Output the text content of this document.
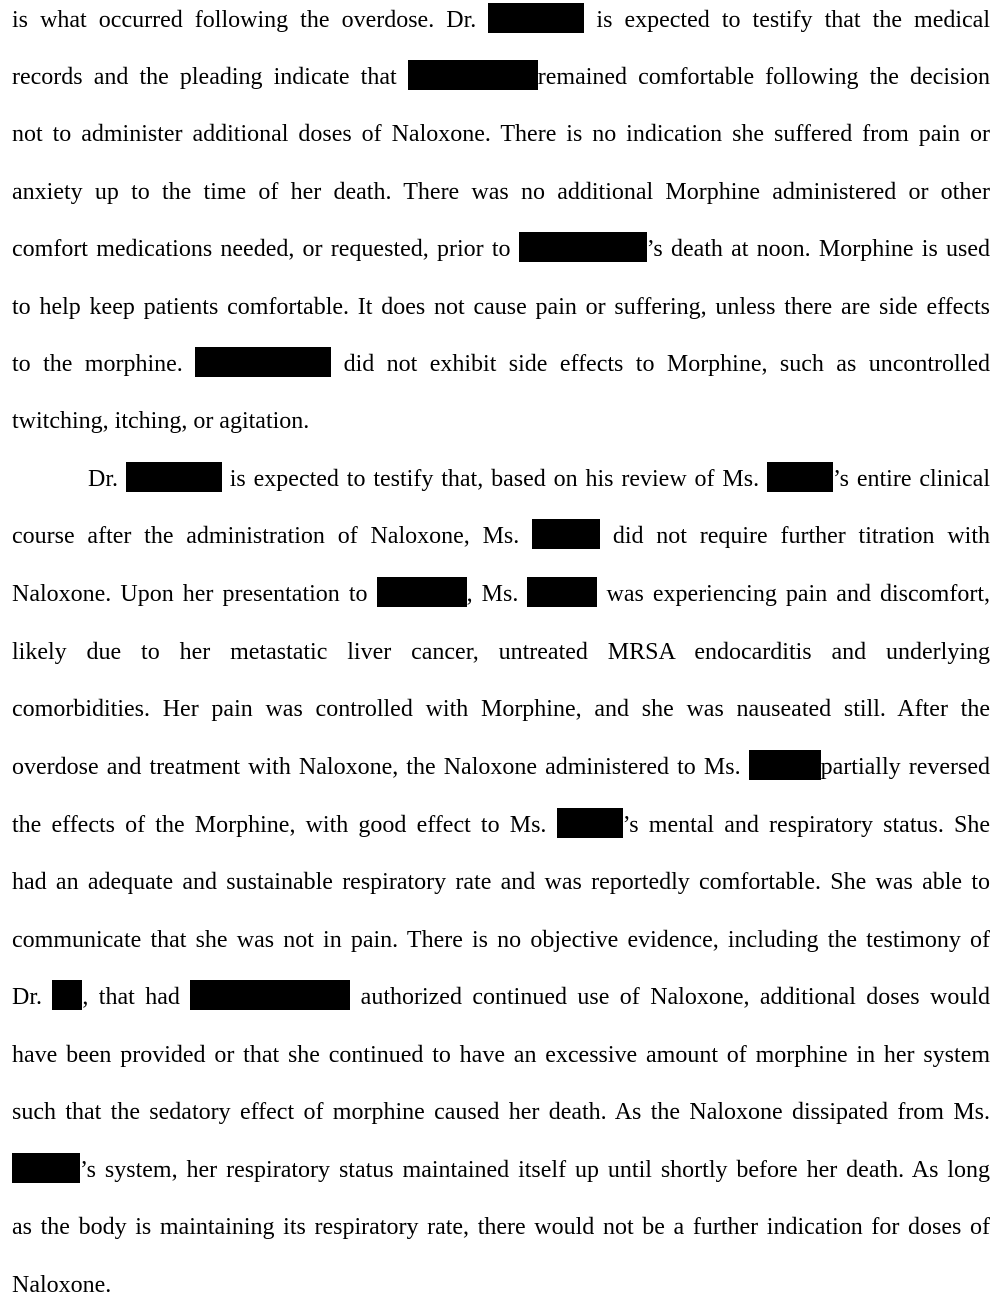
is what occurred following the overdose. Dr.	is expected to testify that the medical
records and the pleading indicate that	remained comfortable following the decision
not to administer additional doses of Naloxone. There is no indication she suffered from pain or
anxiety up to the time of her death. There was no additional Morphine administered or other
comfort medications needed, or requested, prior to	’s death at noon. Morphine is used
to help keep patients comfortable. It does not cause pain or suffering, unless there are side effects
to the morphine.	did not exhibit side effects to Morphine, such as uncontrolled
twitching, itching, or agitation.
Dr.	is expected to testify that, based on his review of Ms.	’s entire clinical
course after the administration of Naloxone, Ms.	did not require further titration with
Naloxone. Upon her presentation to	, Ms.	was experiencing pain and discomfort,
likely due to her metastatic liver cancer, untreated MRSA endocarditis and underlying
comorbidities. Her pain was controlled with Morphine, and she was nauseated still. After the
overdose and treatment with Naloxone, the Naloxone administered to Ms.	partially reversed
the effects of the Morphine, with good effect to Ms.	’s mental and respiratory status. She
had an adequate and sustainable respiratory rate and was reportedly comfortable. She was able to
communicate that she was not in pain. There is no objective evidence, including the testimony of
Dr. , that had	authorized continued use of Naloxone, additional doses would
have been provided or that she continued to have an excessive amount of morphine in her system
such that the sedatory effect of morphine caused her death. As the Naloxone dissipated from Ms.
’s system, her respiratory status maintained itself up until shortly before her death. As long
as the body is maintaining its respiratory rate, there would not be a further indication for doses of
Naloxone.
